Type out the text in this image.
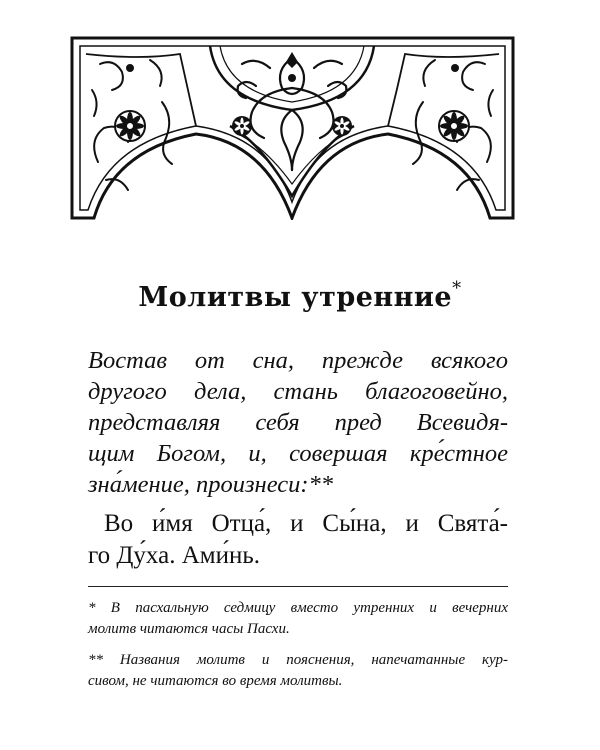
Молитвы утренние*
Востав от сна, прежде всякого
другого дела, стань благоговейно,
представляя себя пред Всевидя-
щим Богом, и, совершая кре́стное
зна́мение, произнеси:**
Во и́мя Отца́, и Сы́на, и Свята́-
го Ду́ха. Ами́нь.
* В пасхальную седмицу вместо утренних и вечерних
молитв читаются часы Пасхи.
** Названия молитв и пояснения, напечатанные кур-
сивом, не читаются во время молитвы.
